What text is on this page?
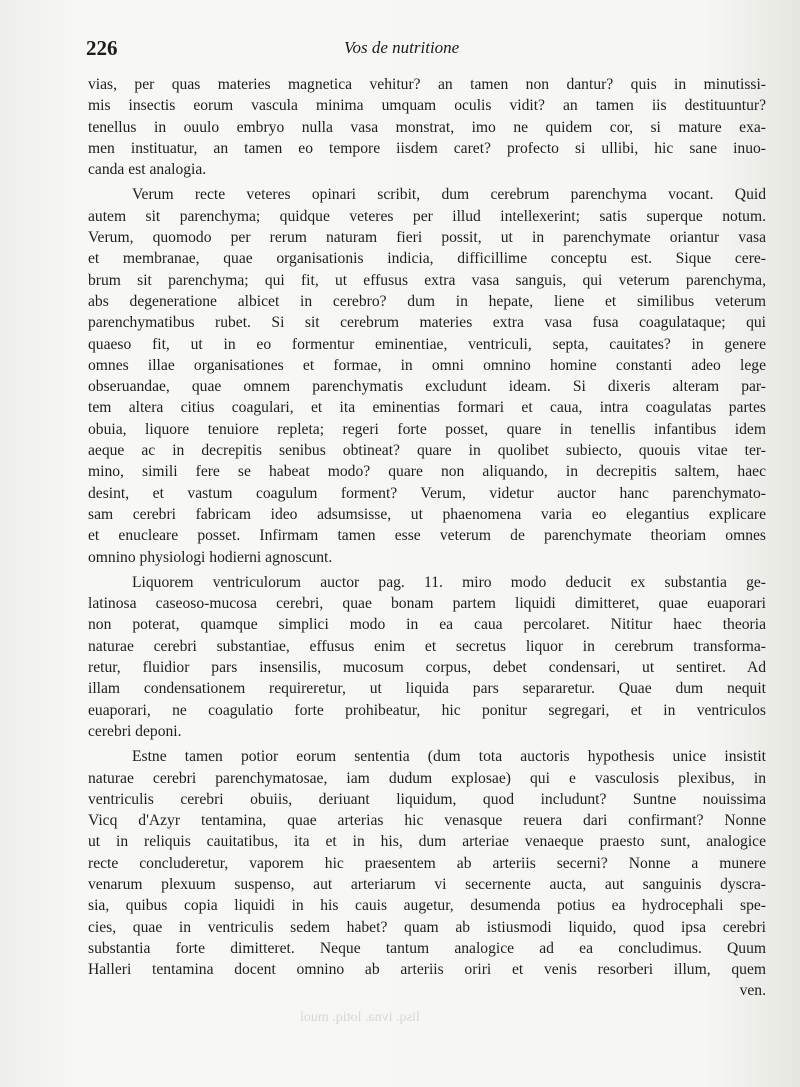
226	Vos de nutritione
vias, per quas materies magnetica vehitur? an tamen non dantur? quis in minutissi-
mis insectis eorum vascula minima umquam oculis vidit? an tamen iis destituuntur?
tenellus in ouulo embryo nulla vasa monstrat, imo ne quidem cor, si mature exa-
men instituatur, an tamen eo tempore iisdem caret? profecto si ullibi, hic sane inuo-
canda est analogia.
Verum recte veteres opinari scribit, dum cerebrum parenchyma vocant. Quid
autem sit parenchyma; quidque veteres per illud intellexerint; satis superque notum.
Verum, quomodo per rerum naturam fieri possit, ut in parenchymate oriantur vasa
et membranae, quae organisationis indicia, difficillime conceptu est. Sique cere-
brum sit parenchyma; qui fit, ut effusus extra vasa sanguis, qui veterum parenchyma,
abs degeneratione albicet in cerebro? dum in hepate, liene et similibus veterum
parenchymatibus rubet. Si sit cerebrum materies extra vasa fusa coagulataque; qui
quaeso fit, ut in eo formentur eminentiae, ventriculi, septa, cauitates? in genere
omnes illae organisationes et formae, in omni omnino homine constanti adeo lege
obseruandae, quae omnem parenchymatis excludunt ideam. Si dixeris alteram par-
tem altera citius coagulari, et ita eminentias formari et caua, intra coagulatas partes
obuia, liquore tenuiore repleta; regeri forte posset, quare in tenellis infantibus idem
aeque ac in decrepitis senibus obtineat? quare in quolibet subiecto, quouis vitae ter-
mino, simili fere se habeat modo? quare non aliquando, in decrepitis saltem, haec
desint, et vastum coagulum forment? Verum, videtur auctor hanc parenchymato-
sam cerebri fabricam ideo adsumsisse, ut phaenomena varia eo elegantius explicare
et enucleare posset. Infirmam tamen esse veterum de parenchymate theoriam omnes
omnino physiologi hodierni agnoscunt.
Liquorem ventriculorum auctor pag. 11. miro modo deducit ex substantia ge-
latinosa caseoso-mucosa cerebri, quae bonam partem liquidi dimitteret, quae euaporari
non poterat, quamque simplici modo in ea caua percolaret. Nititur haec theoria
naturae cerebri substantiae, effusus enim et secretus liquor in cerebrum transforma-
retur, fluidior pars insensilis, mucosum corpus, debet condensari, ut sentiret. Ad
illam condensationem requireretur, ut liquida pars separaretur. Quae dum nequit
euaporari, ne coagulatio forte prohibeatur, hic ponitur segregari, et in ventriculos
cerebri deponi.
Estne tamen potior eorum sententia (dum tota auctoris hypothesis unice insistit
naturae cerebri parenchymatosae, iam dudum explosae) qui e vasculosis plexibus, in
ventriculis cerebri obuiis, deriuant liquidum, quod includunt? Suntne nouissima
Vicq d'Azyr tentamina, quae arterias hic venasque reuera dari confirmant? Nonne
ut in reliquis cauitatibus, ita et in his, dum arteriae venaeque praesto sunt, analogice
recte concluderetur, vaporem hic praesentem ab arteriis secerni? Nonne a munere
venarum plexuum suspenso, aut arteriarum vi secernente aucta, aut sanguinis dyscra-
sia, quibus copia liquidi in his cauis augetur, desumenda potius ea hydrocephali spe-
cies, quae in ventriculis sedem habet? quam ab istiusmodi liquido, quod ipsa cerebri
substantia forte dimitteret. Neque tantum analogice ad ea concludimus. Quum
Halleri tentamina docent omnino ab arteriis oriri et venis resorberi illum, quem
ven.
lisq. ivna. lotiq. muol
